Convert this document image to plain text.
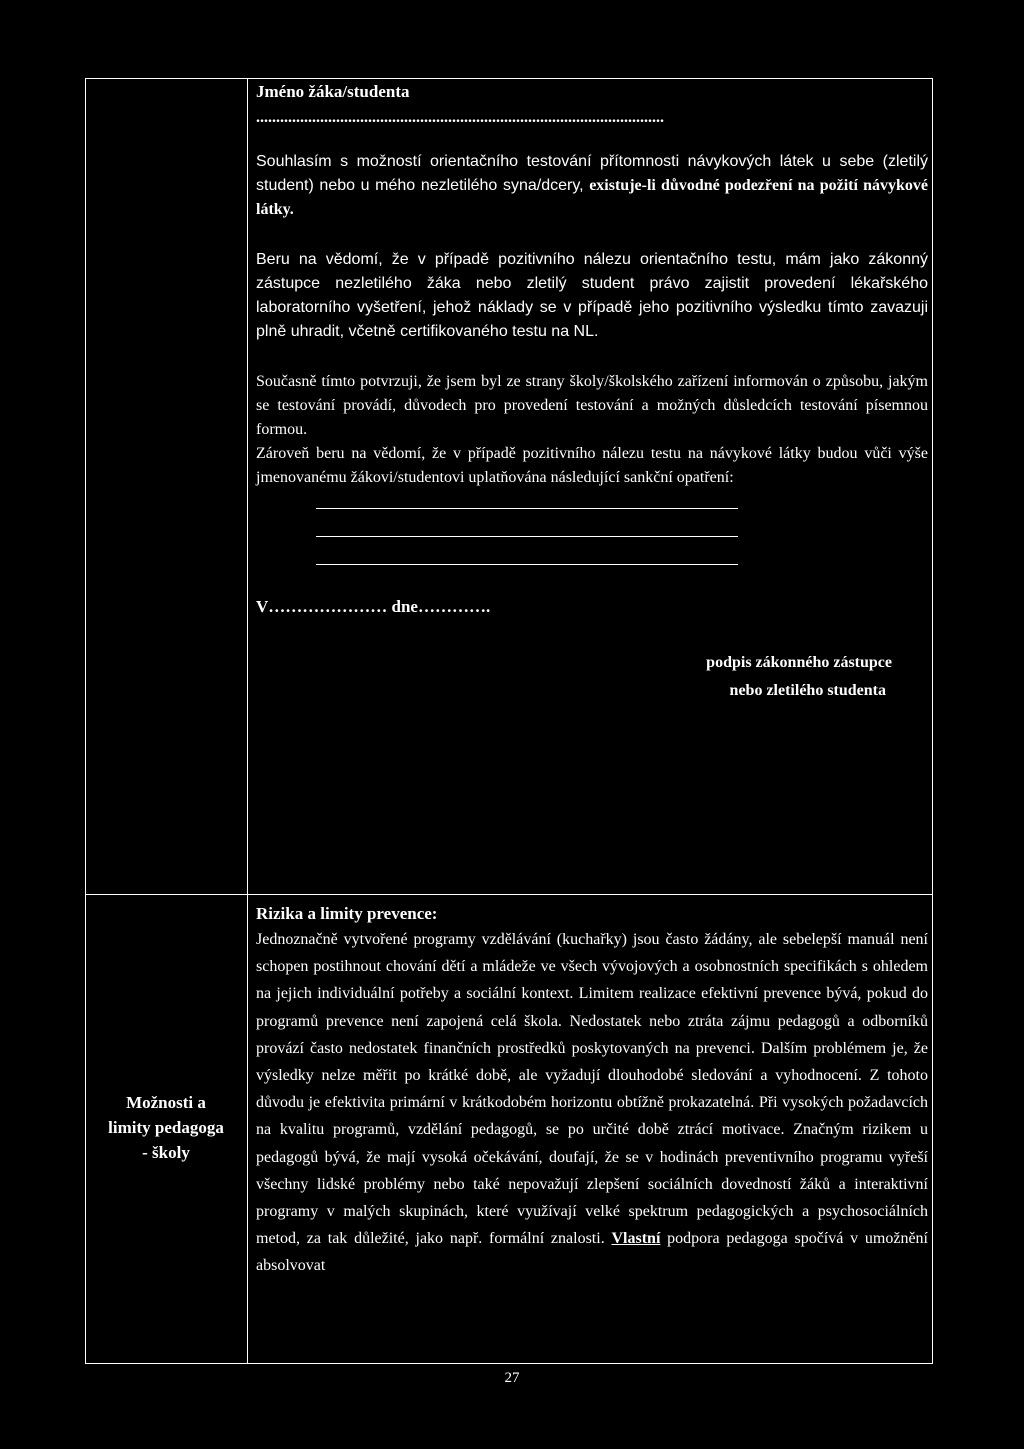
Jméno žáka/studenta
......................................................................................................

Souhlasím s možností orientačního testování přítomnosti návykových látek u sebe (zletilý student) nebo u mého nezletilého syna/dcery, existuje-li důvodné podezření na požití návykové látky.

Beru na vědomí, že v případě pozitivního nálezu orientačního testu, mám jako zákonný zástupce nezletilého žáka nebo zletilý student právo zajistit provedení lékařského laboratorního vyšetření, jehož náklady se v případě jeho pozitivního výsledku tímto zavazuji plně uhradit, včetně certifikovaného testu na NL.

Současně tímto potvrzuji, že jsem byl ze strany školy/školského zařízení informován o způsobu, jakým se testování provádí, důvodech pro provedení testování a možných důsledcích testování písemnou formou.

Zároveň beru na vědomí, že v případě pozitivního nálezu testu na návykové látky budou vůči výše jmenovanému žákovi/studentovi uplatňována následující sankční opatření:

V………………… dne………….
podpis zákonného zástupce
nebo zletilého studenta
Možnosti a
limity pedagoga
- školy
Rizika a limity prevence:

Jednoznačně vytvořené programy vzdělávání (kuchařky) jsou často žádány, ale sebelepší manuál není schopen postihnout chování dětí a mládeže ve všech vývojových a osobnostních specifikách s ohledem na jejich individuální potřeby a sociální kontext. Limitem realizace efektivní prevence bývá, pokud do programů prevence není zapojená celá škola. Nedostatek nebo ztráta zájmu pedagogů a odborníků provází často nedostatek finančních prostředků poskytovaných na prevenci. Dalším problémem je, že výsledky nelze měřit po krátké době, ale vyžadují dlouhodobé sledování a vyhodnocení. Z tohoto důvodu je efektivita primární v krátkodobém horizontu obtížně prokazatelná. Při vysokých požadavcích na kvalitu programů, vzdělání pedagogů, se po určité době ztrácí motivace. Značným rizikem u pedagogů bývá, že mají vysoká očekávání, doufají, že se v hodinách preventivního programu vyřeší všechny lidské problémy nebo také nepovažují zlepšení sociálních dovedností žáků a interaktivní programy v malých skupinách, které využívají velké spektrum pedagogických a psychosociálních metod, za tak důležité, jako např. formální znalosti. Vlastní podpora pedagoga spočívá v umožnění absolvovat

27
